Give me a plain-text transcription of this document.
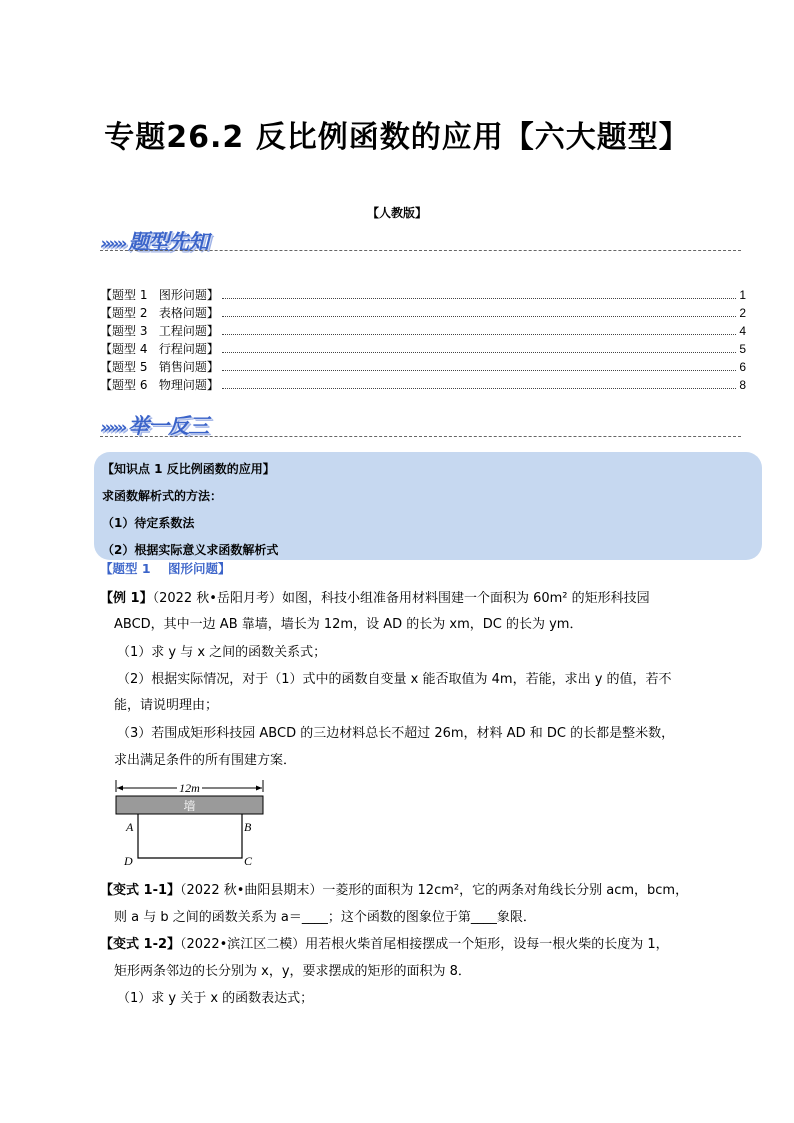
专题26.2 反比例函数的应用【六大题型】
【人教版】
»»» 题型先知
【题型 1   图形问题】	1
【题型 2   表格问题】	2
【题型 3   工程问题】	4
【题型 4   行程问题】	5
【题型 5   销售问题】	6
【题型 6   物理问题】	8
»»» 举一反三
【知识点 1 反比例函数的应用】
求函数解析式的方法：
（1）待定系数法
（2）根据实际意义求函数解析式
【题型 1    图形问题】
【例 1】（2022 秋•岳阳月考）如图，科技小组准备用材料围建一个面积为 60m² 的矩形科技园
ABCD，其中一边 AB 靠墙，墙长为 12m，设 AD 的长为 xm，DC 的长为 ym．
（1）求 y 与 x 之间的函数关系式；
（2）根据实际情况，对于（1）式中的函数自变量 x 能否取值为 4m，若能，求出 y 的值，若不
能，请说明理由；
（3）若围成矩形科技园 ABCD 的三边材料总长不超过 26m，材料 AD 和 DC 的长都是整米数，
求出满足条件的所有围建方案．
12m
墙
A	B
D	C
【变式 1-1】（2022 秋•曲阳县期末）一菱形的面积为 12cm²，它的两条对角线长分别 acm，bcm，
则 a 与 b 之间的函数关系为 a＝____；这个函数的图象位于第____象限．
【变式 1-2】（2022•滨江区二模）用若根火柴首尾相接摆成一个矩形，设每一根火柴的长度为 1，
矩形两条邻边的长分别为 x，y，要求摆成的矩形的面积为 8．
（1）求 y 关于 x 的函数表达式；
